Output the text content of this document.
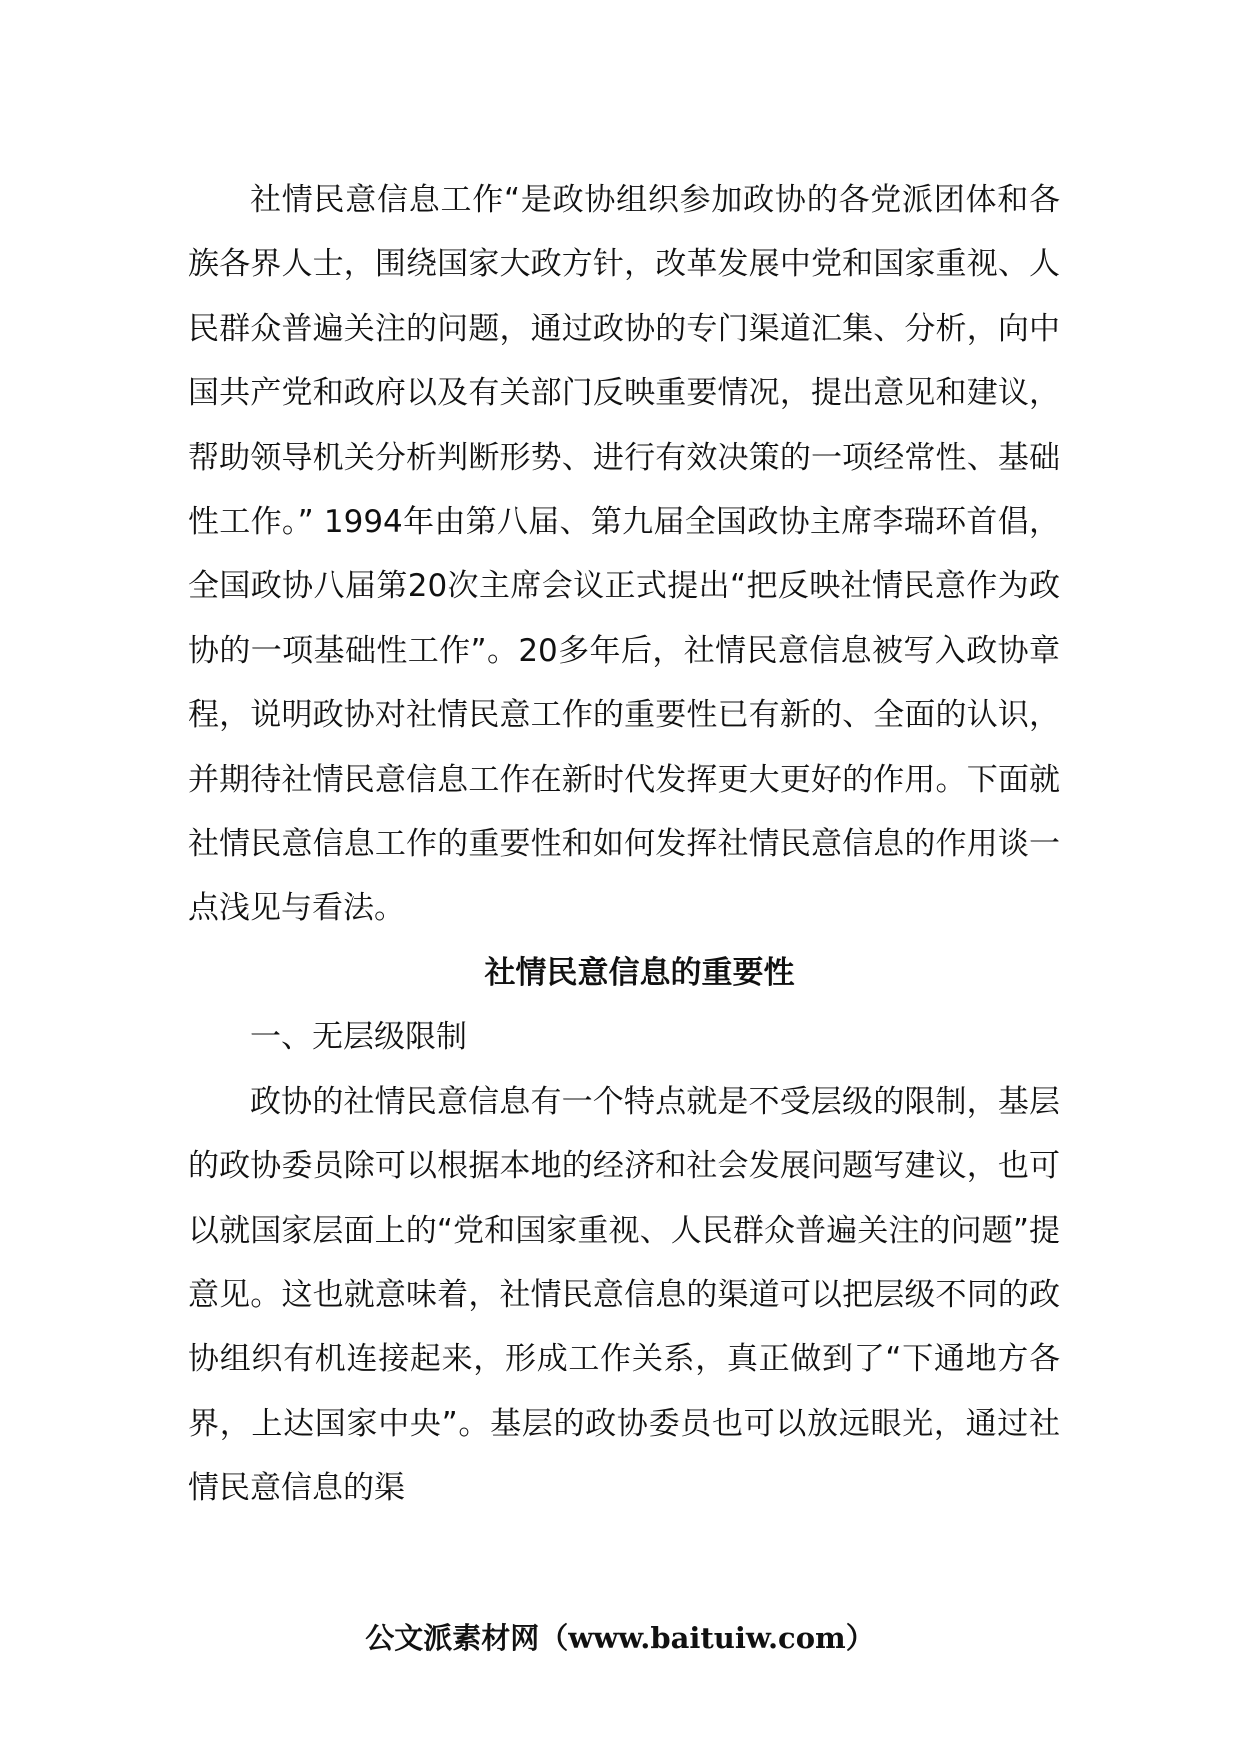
社情民意信息工作“是政协组织参加政协的各党派团体和各族各界人士，围绕国家大政方针，改革发展中党和国家重视、人民群众普遍关注的问题，通过政协的专门渠道汇集、分析，向中国共产党和政府以及有关部门反映重要情况，提出意见和建议，帮助领导机关分析判断形势、进行有效决策的一项经常性、基础性工作。” 1994年由第八届、第九届全国政协主席李瑞环首倡，全国政协八届第20次主席会议正式提出“把反映社情民意作为政协的一项基础性工作”。20多年后，社情民意信息被写入政协章程，说明政协对社情民意工作的重要性已有新的、全面的认识，并期待社情民意信息工作在新时代发挥更大更好的作用。下面就社情民意信息工作的重要性和如何发挥社情民意信息的作用谈一点浅见与看法。

社情民意信息的重要性

一、无层级限制

政协的社情民意信息有一个特点就是不受层级的限制，基层的政协委员除可以根据本地的经济和社会发展问题写建议，也可以就国家层面上的“党和国家重视、人民群众普遍关注的问题”提意见。这也就意味着，社情民意信息的渠道可以把层级不同的政协组织有机连接起来，形成工作关系，真正做到了“下通地方各界，上达国家中央”。基层的政协委员也可以放远眼光，通过社情民意信息的渠

公文派素材网（www.baituiw.com）
